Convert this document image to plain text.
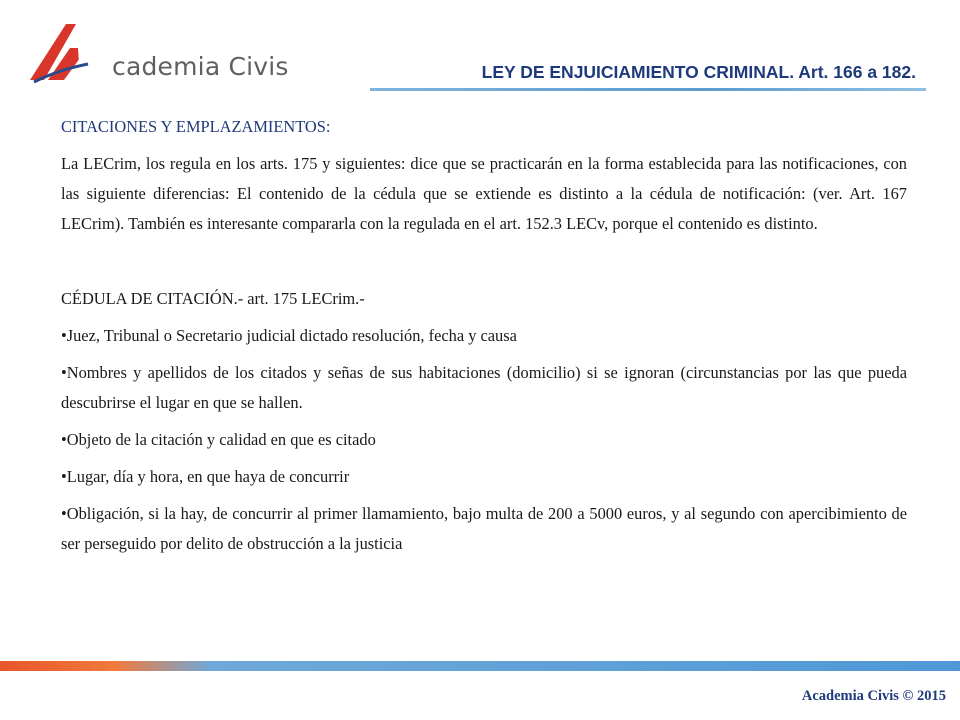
cademia Civis	LEY DE ENJUICIAMIENTO CRIMINAL. Art. 166 a 182.

CITACIONES Y EMPLAZAMIENTOS:

La LECrim, los regula en los arts. 175 y siguientes: dice que se practicarán en la forma establecida para las notificaciones, con las siguiente diferencias: El contenido de la cédula que se extiende es distinto a la cédula de notificación: (ver. Art. 167 LECrim). También es interesante compararla con la regulada en el art. 152.3 LECv, porque el contenido es distinto.

CÉDULA DE CITACIÓN.- art. 175 LECrim.-

•Juez, Tribunal o Secretario judicial dictado resolución, fecha y causa

•Nombres y apellidos de los citados y señas de sus habitaciones (domicilio) si se ignoran (circunstancias por las que pueda descubrirse el lugar en que se hallen.

•Objeto de la citación y calidad en que es citado

•Lugar, día y hora, en que haya de concurrir

•Obligación, si la hay, de concurrir al primer llamamiento, bajo multa de 200 a 5000 euros, y al segundo con apercibimiento de ser perseguido por delito de obstrucción a la justicia

Academia Civis © 2015
